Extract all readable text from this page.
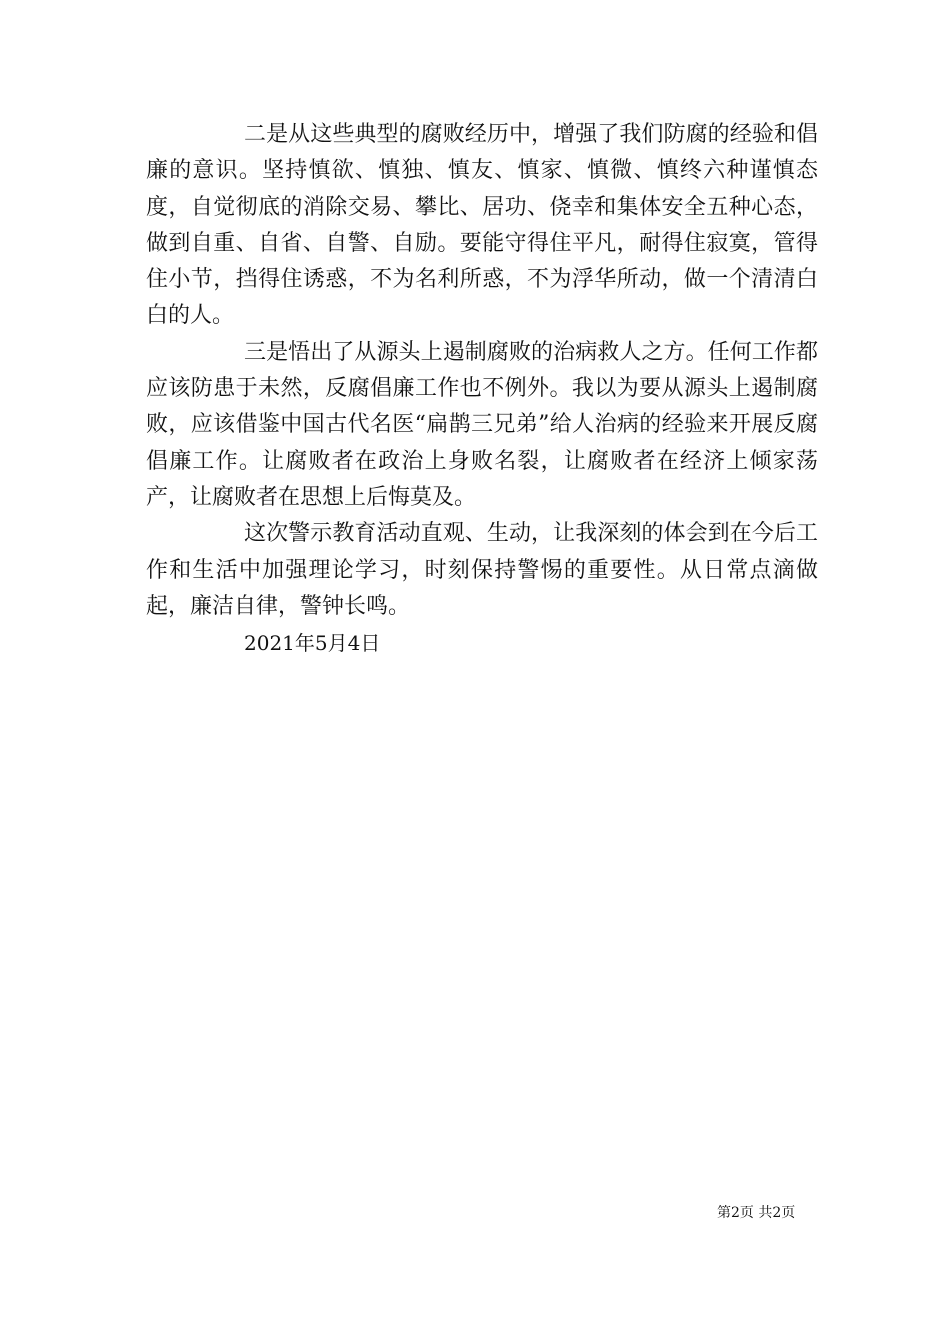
二是从这些典型的腐败经历中，增强了我们防腐的经验和倡廉的意识。坚持慎欲、慎独、慎友、慎家、慎微、慎终六种谨慎态度，自觉彻底的消除交易、攀比、居功、侥幸和集体安全五种心态，做到自重、自省、自警、自励。要能守得住平凡，耐得住寂寞，管得住小节，挡得住诱惑，不为名利所惑，不为浮华所动，做一个清清白白的人。

三是悟出了从源头上遏制腐败的治病救人之方。任何工作都应该防患于未然，反腐倡廉工作也不例外。我以为要从源头上遏制腐败，应该借鉴中国古代名医“扁鹊三兄弟”给人治病的经验来开展反腐倡廉工作。让腐败者在政治上身败名裂，让腐败者在经济上倾家荡产，让腐败者在思想上后悔莫及。

这次警示教育活动直观、生动，让我深刻的体会到在今后工作和生活中加强理论学习，时刻保持警惕的重要性。从日常点滴做起，廉洁自律，警钟长鸣。

2021年5月4日

第2页 共2页
